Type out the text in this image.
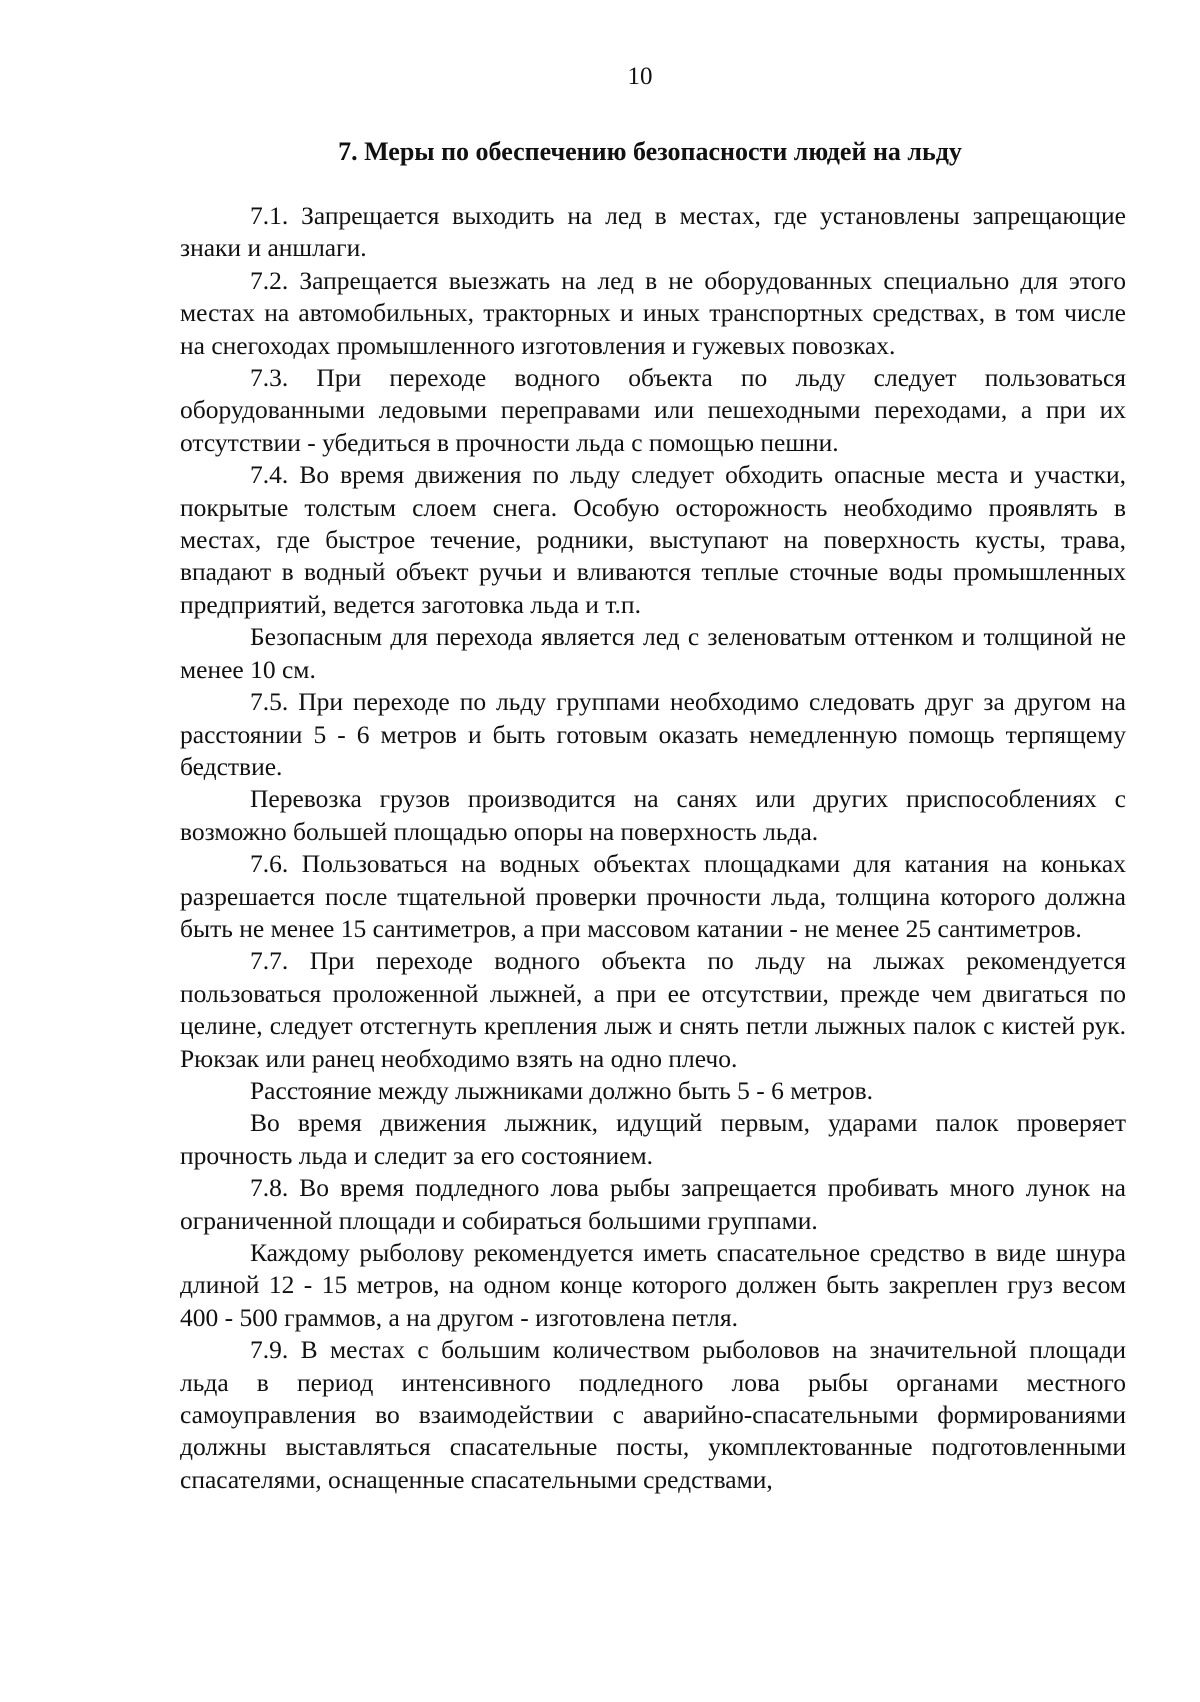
10
7. Меры по обеспечению безопасности людей на льду

7.1. Запрещается выходить на лед в местах, где установлены запрещающие знаки и аншлаги.

7.2. Запрещается выезжать на лед в не оборудованных специально для этого местах на автомобильных, тракторных и иных транспортных средствах, в том числе на снегоходах промышленного изготовления и гужевых повозках.

7.3. При переходе водного объекта по льду следует пользоваться оборудованными ледовыми переправами или пешеходными переходами, а при их отсутствии - убедиться в прочности льда с помощью пешни.

7.4. Во время движения по льду следует обходить опасные места и участки, покрытые толстым слоем снега. Особую осторожность необходимо проявлять в местах, где быстрое течение, родники, выступают на поверхность кусты, трава, впадают в водный объект ручьи и вливаются теплые сточные воды промышленных предприятий, ведется заготовка льда и т.п.

Безопасным для перехода является лед с зеленоватым оттенком и толщиной не менее 10 см.

7.5. При переходе по льду группами необходимо следовать друг за другом на расстоянии 5 - 6 метров и быть готовым оказать немедленную помощь терпящему бедствие.

Перевозка грузов производится на санях или других приспособлениях с возможно большей площадью опоры на поверхность льда.

7.6. Пользоваться на водных объектах площадками для катания на коньках разрешается после тщательной проверки прочности льда, толщина которого должна быть не менее 15 сантиметров, а при массовом катании - не менее 25 сантиметров.

7.7. При переходе водного объекта по льду на лыжах рекомендуется пользоваться проложенной лыжней, а при ее отсутствии, прежде чем двигаться по целине, следует отстегнуть крепления лыж и снять петли лыжных палок с кистей рук. Рюкзак или ранец необходимо взять на одно плечо.

Расстояние между лыжниками должно быть 5 - 6 метров.

Во время движения лыжник, идущий первым, ударами палок проверяет прочность льда и следит за его состоянием.

7.8. Во время подледного лова рыбы запрещается пробивать много лунок на ограниченной площади и собираться большими группами.

Каждому рыболову рекомендуется иметь спасательное средство в виде шнура длиной 12 - 15 метров, на одном конце которого должен быть закреплен груз весом 400 - 500 граммов, а на другом - изготовлена петля.

7.9. В местах с большим количеством рыболовов на значительной площади льда в период интенсивного подледного лова рыбы органами местного самоуправления во взаимодействии с аварийно-спасательными формированиями должны выставляться спасательные посты, укомплектованные подготовленными спасателями, оснащенные спасательными средствами,
